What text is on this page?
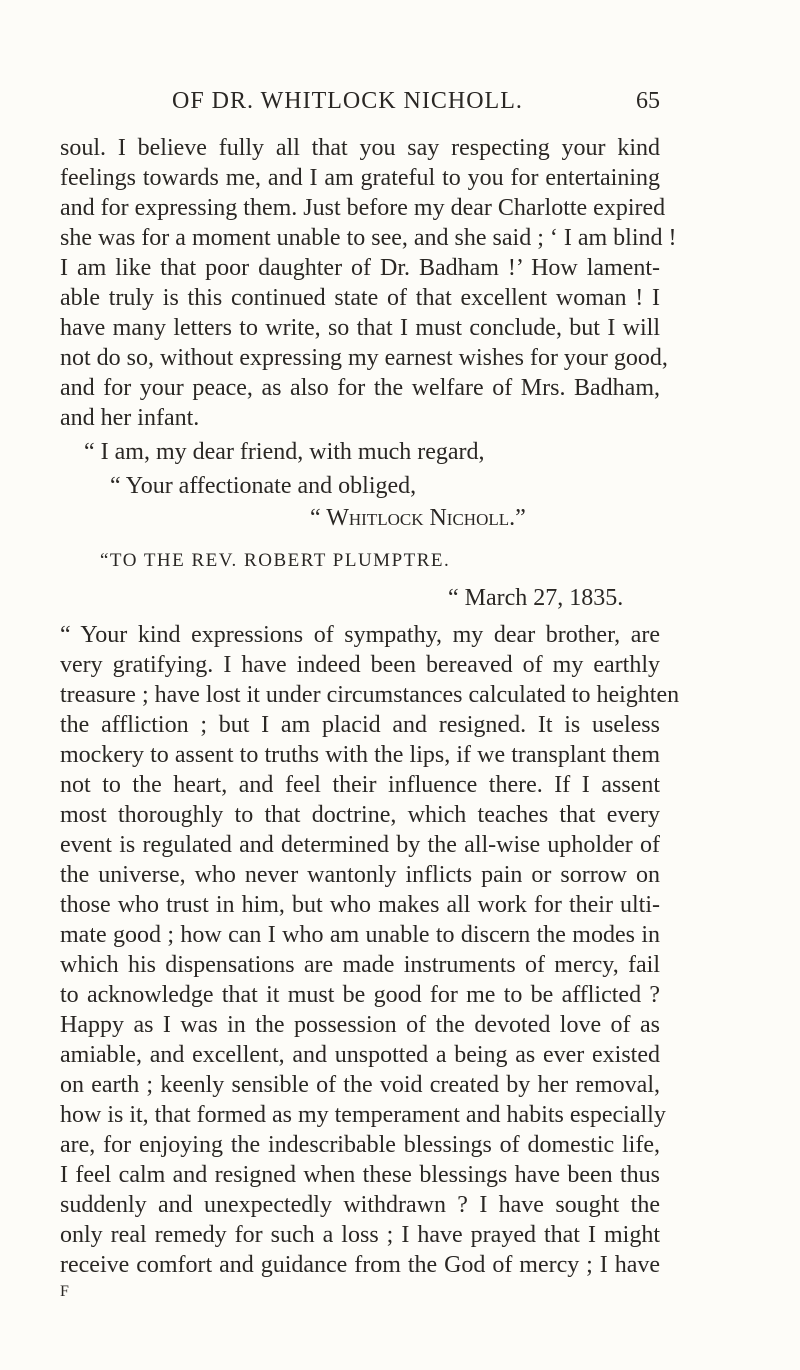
OF DR. WHITLOCK NICHOLL.	65
soul. I believe fully all that you say respecting your kind
feelings towards me, and I am grateful to you for entertaining
and for expressing them. Just before my dear Charlotte expired
she was for a moment unable to see, and she said ; ‘ I am blind !
I am like that poor daughter of Dr. Badham !’ How lament-
able truly is this continued state of that excellent woman ! I
have many letters to write, so that I must conclude, but I will
not do so, without expressing my earnest wishes for your good,
and for your peace, as also for the welfare of Mrs. Badham,
and her infant.
“ I am, my dear friend, with much regard,
“ Your affectionate and obliged,
“ Whitlock Nicholl.”
“TO THE REV. ROBERT PLUMPTRE.
“ March 27, 1835.
“ Your kind expressions of sympathy, my dear brother, are
very gratifying. I have indeed been bereaved of my earthly
treasure ; have lost it under circumstances calculated to heighten
the affliction ; but I am placid and resigned. It is useless
mockery to assent to truths with the lips, if we transplant them
not to the heart, and feel their influence there. If I assent
most thoroughly to that doctrine, which teaches that every
event is regulated and determined by the all-wise upholder of
the universe, who never wantonly inflicts pain or sorrow on
those who trust in him, but who makes all work for their ulti-
mate good ; how can I who am unable to discern the modes in
which his dispensations are made instruments of mercy, fail
to acknowledge that it must be good for me to be afflicted ?
Happy as I was in the possession of the devoted love of as
amiable, and excellent, and unspotted a being as ever existed
on earth ; keenly sensible of the void created by her removal,
how is it, that formed as my temperament and habits especially
are, for enjoying the indescribable blessings of domestic life,
I feel calm and resigned when these blessings have been thus
suddenly and unexpectedly withdrawn ? I have sought the
only real remedy for such a loss ; I have prayed that I might
receive comfort and guidance from the God of mercy ; I have
F
